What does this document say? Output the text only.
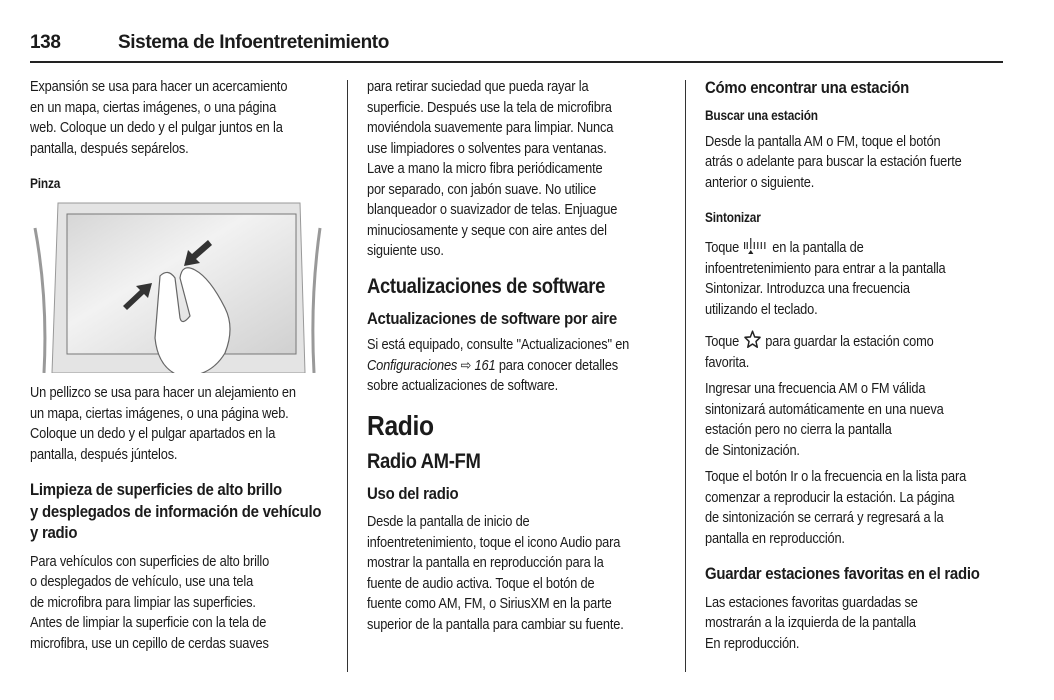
138	Sistema de Infoentretenimiento
Expansión se usa para hacer un acercamiento
en un mapa, ciertas imágenes, o una página
web. Coloque un dedo y el pulgar juntos en la
pantalla, después sepárelos.
Pinza
Un pellizco se usa para hacer un alejamiento en
un mapa, ciertas imágenes, o una página web.
Coloque un dedo y el pulgar apartados en la
pantalla, después júntelos.
Limpieza de superficies de alto brillo
y desplegados de información de vehículo
y radio
Para vehículos con superficies de alto brillo
o desplegados de vehículo, use una tela
de microfibra para limpiar las superficies.
Antes de limpiar la superficie con la tela de
microfibra, use un cepillo de cerdas suaves
para retirar suciedad que pueda rayar la
superficie. Después use la tela de microfibra
moviéndola suavemente para limpiar. Nunca
use limpiadores o solventes para ventanas.
Lave a mano la micro fibra periódicamente
por separado, con jabón suave. No utilice
blanqueador o suavizador de telas. Enjuague
minuciosamente y seque con aire antes del
siguiente uso.
Actualizaciones de software
Actualizaciones de software por aire
Si está equipado, consulte "Actualizaciones" en
Configuraciones ⇨ 161 para conocer detalles
sobre actualizaciones de software.
Radio
Radio AM-FM
Uso del radio
Desde la pantalla de inicio de
infoentretenimiento, toque el icono Audio para
mostrar la pantalla en reproducción para la
fuente de audio activa. Toque el botón de
fuente como AM, FM, o SiriusXM en la parte
superior de la pantalla para cambiar su fuente.
Cómo encontrar una estación
Buscar una estación
Desde la pantalla AM o FM, toque el botón
atrás o adelante para buscar la estación fuerte
anterior o siguiente.
Sintonizar
Toque  en la pantalla de
infoentretenimiento para entrar a la pantalla
Sintonizar. Introduzca una frecuencia
utilizando el teclado.
Toque  para guardar la estación como
favorita.
Ingresar una frecuencia AM o FM válida
sintonizará automáticamente en una nueva
estación pero no cierra la pantalla
de Sintonización.
Toque el botón Ir o la frecuencia en la lista para
comenzar a reproducir la estación. La página
de sintonización se cerrará y regresará a la
pantalla en reproducción.
Guardar estaciones favoritas en el radio
Las estaciones favoritas guardadas se
mostrarán a la izquierda de la pantalla
En reproducción.
